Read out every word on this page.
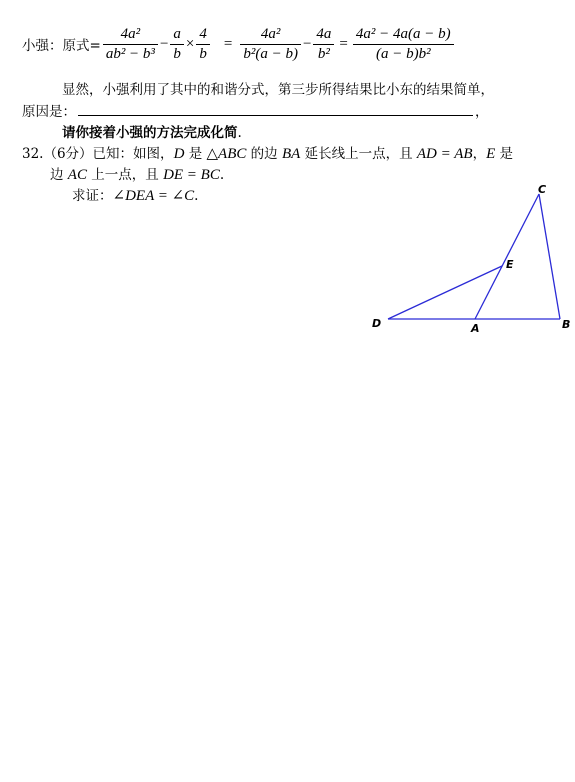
小强： 原式= $\frac{\text{4a²}}{\text{ab² − b³}} - \frac{a}{b} \times \frac{4}{b} = \frac{\text{4a²}}{\text{b²(a − b)}} - \frac{4a}{\text{b²}} = \frac{\text{4a² − 4a(a − b)}}{\text{(a − b)b²}}$
显然，小强利用了其中的和谐分式，第三步所得结果比小东的结果简单，
原因是：	，
请你接着小强的方法完成化简.
32.（6分）已知：如图，D 是 △ABC 的边 BA 延长线上一点，且 AD = AB，E 是
边 AC 上一点，且 DE = BC.
求证：∠DEA = ∠C.	C
E
D	A	B
